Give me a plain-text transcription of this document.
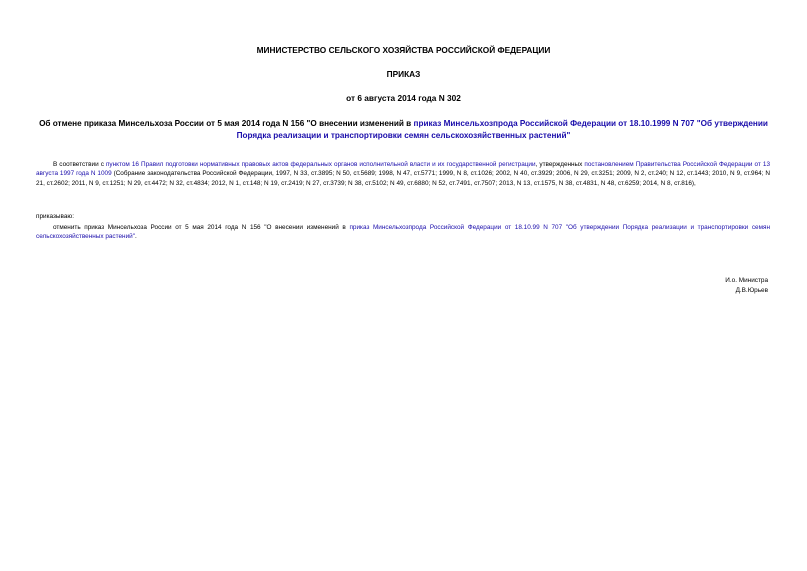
МИНИСТЕРСТВО СЕЛЬСКОГО ХОЗЯЙСТВА РОССИЙСКОЙ ФЕДЕРАЦИИ
ПРИКАЗ
от 6 августа 2014 года N 302
Об отмене приказа Минсельхоза России от 5 мая 2014 года N 156 "О внесении изменений в приказ Минсельхозпрода Российской Федерации от 18.10.1999 N 707 "Об утверждении Порядка реализации и транспортировки семян сельскохозяйственных растений"
В соответствии с пунктом 16 Правил подготовки нормативных правовых актов федеральных органов исполнительной власти и их государственной регистрации, утвержденных постановлением Правительства Российской Федерации от 13 августа 1997 года N 1009 (Собрание законодательства Российской Федерации, 1997, N 33, ст.3895; N 50, ст.5689; 1998, N 47, ст.5771; 1999, N 8, ст.1026; 2002, N 40, ст.3929; 2006, N 29, ст.3251; 2009, N 2, ст.240; N 12, ст.1443; 2010, N 9, ст.964; N 21, ст.2602; 2011, N 9, ст.1251; N 29, ст.4472; N 32, ст.4834; 2012, N 1, ст.148; N 19, ст.2419; N 27, ст.3739; N 38, ст.5102; N 49, ст.6880; N 52, ст.7491, ст.7507; 2013, N 13, ст.1575, N 38, ст.4831, N 48, ст.6259; 2014, N 8, ст.816),
приказываю:
отменить приказ Минсельхоза России от 5 мая 2014 года N 156 "О внесении изменений в приказ Минсельхозпрода Российской Федерации от 18.10.99 N 707 "Об утверждении Порядка реализации и транспортировки семян сельскохозяйственных растений".
И.о. Министра
Д.В.Юрьев
